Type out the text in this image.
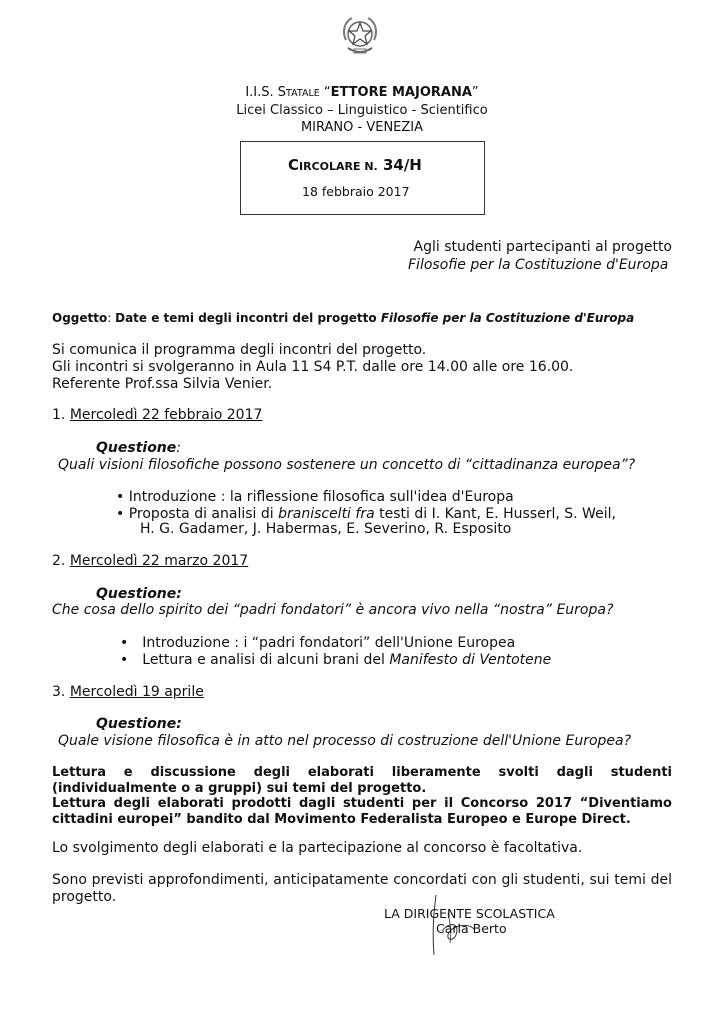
I.I.S. STATALE “ETTORE MAJORANA”
Licei Classico – Linguistico - Scientifico
MIRANO - VENEZIA
CIRCOLARE N. 34/H
18 febbraio 2017
Agli studenti partecipanti al progetto
Filosofie per la Costituzione d'Europa
Oggetto: Date e temi degli incontri del progetto Filosofie per la Costituzione d'Europa
Si comunica il programma degli incontri del progetto.
Gli incontri si svolgeranno in Aula 11 S4 P.T. dalle ore 14.00 alle ore 16.00.
Referente Prof.ssa Silvia Venier.
1. Mercoledì 22 febbraio 2017
Questione:
Quali visioni filosofiche possono sostenere un concetto di “cittadinanza europea”?
• Introduzione : la riflessione filosofica sull'idea d'Europa
• Proposta di analisi di braniscelti fra testi di I. Kant, E. Husserl, S. Weil,
H. G. Gadamer, J. Habermas, E. Severino, R. Esposito
2. Mercoledì 22 marzo 2017
Questione:
Che cosa dello spirito dei “padri fondatori” è ancora vivo nella “nostra” Europa?
• Introduzione : i “padri fondatori” dell'Unione Europea
• Lettura e analisi di alcuni brani del Manifesto di Ventotene
3. Mercoledì 19 aprile
Questione:
Quale visione filosofica è in atto nel processo di costruzione dell'Unione Europea?
Lettura e discussione degli elaborati liberamente svolti dagli studenti (individualmente o a gruppi) sui temi del progetto.
Lettura degli elaborati prodotti dagli studenti per il Concorso 2017 “Diventiamo cittadini europei” bandito dal Movimento Federalista Europeo e Europe Direct.
Lo svolgimento degli elaborati e la partecipazione al concorso è facoltativa.
Sono previsti approfondimenti, anticipatamente concordati con gli studenti, sui temi del progetto.
LA DIRIGENTE SCOLASTICA
Carla Berto
